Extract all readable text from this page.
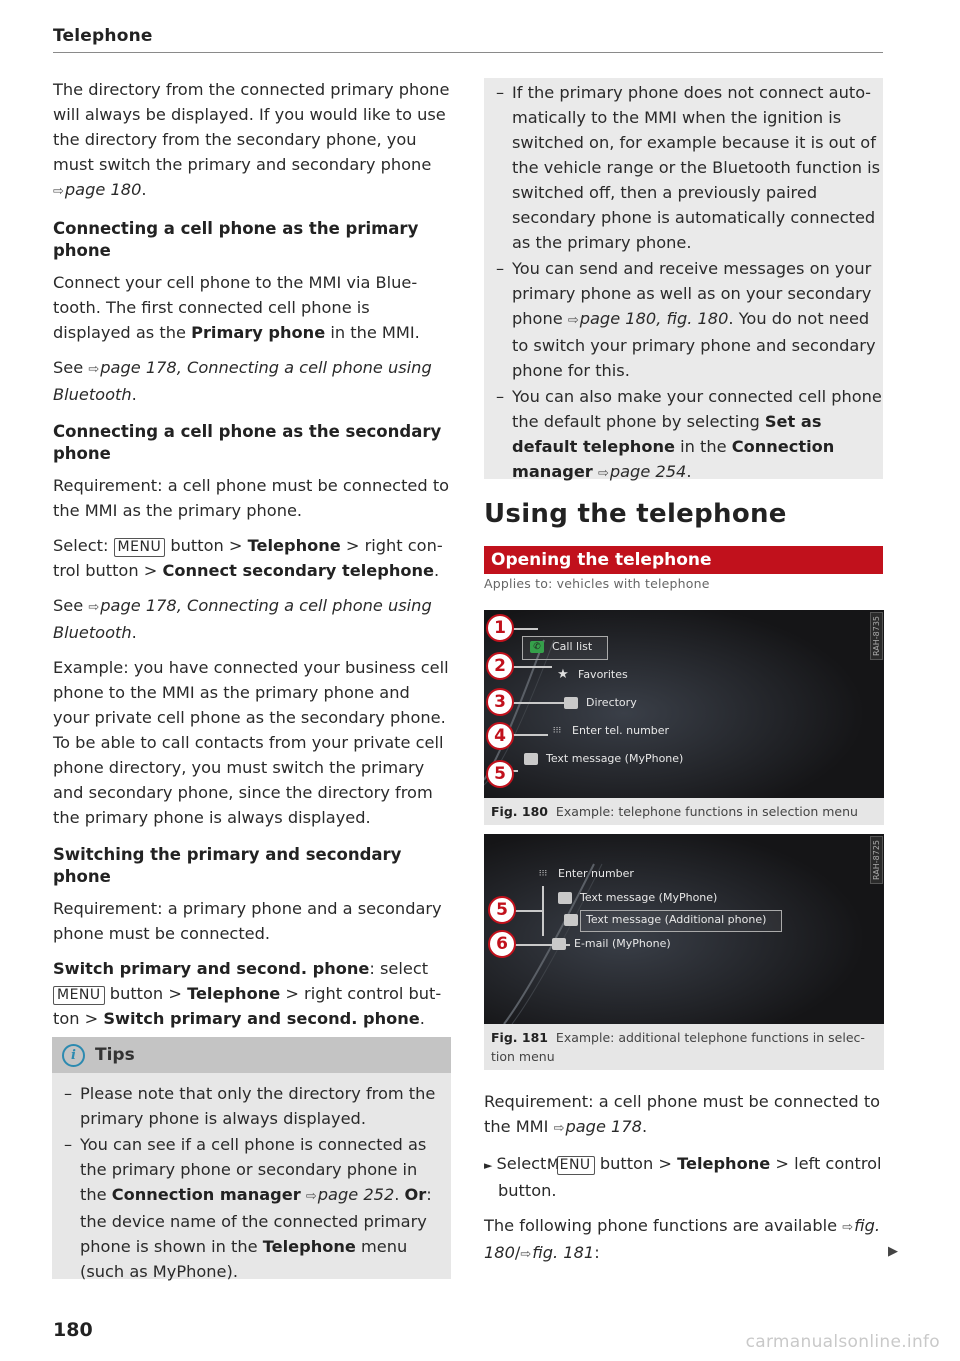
Telephone

The directory from the connected primary phone will always be displayed. If you would like to use the directory from the secondary phone, you must switch the primary and secondary phone ⇨page 180.

Connecting a cell phone as the primary phone

Connect your cell phone to the MMI via Bluetooth. The first connected cell phone is displayed as the Primary phone in the MMI.

See ⇨page 178, Connecting a cell phone using Bluetooth.

Connecting a cell phone as the secondary phone

Requirement: a cell phone must be connected to the MMI as the primary phone.

Select: MENU button > Telephone > right control button > Connect secondary telephone.

See ⇨page 178, Connecting a cell phone using Bluetooth.

Example: you have connected your business cell phone to the MMI as the primary phone and your private cell phone as the secondary phone. To be able to call contacts from your private cell phone directory, you must switch the primary and secondary phone, since the directory from the primary phone is always displayed.

Switching the primary and secondary phone

Requirement: a primary phone and a secondary phone must be connected.

Switch primary and second. phone: select MENU button > Telephone > right control button > Switch primary and second. phone.

i	Tips
– Please note that only the directory from the primary phone is always displayed.
– You can see if a cell phone is connected as the primary phone or secondary phone in the Connection manager ⇨page 252. Or: the device name of the connected primary phone is shown in the Telephone menu (such as MyPhone).
– If the primary phone does not connect automatically to the MMI when the ignition is switched on, for example because it is out of the vehicle range or the Bluetooth function is switched off, then a previously paired secondary phone is automatically connected as the primary phone.
– You can send and receive messages on your primary phone as well as on your secondary phone ⇨page 180, fig. 180. You do not need to switch your primary phone and secondary phone for this.
– You can also make your connected cell phone the default phone by selecting Set as default telephone in the Connection manager ⇨page 254.
Using the telephone
Opening the telephone
Applies to: vehicles with telephone
RAH-8735
✆ Call list
★ Favorites
Directory
⁝⁝⁝ Enter tel. number
Text message (MyPhone)
1
2
3
4
5
Fig. 180 Example: telephone functions in selection menu
RAH-8725
⁝⁝⁝ Enter number
Text message (MyPhone)
Text message (Additional phone)
E-mail (MyPhone)
5
6
Fig. 181 Example: additional telephone functions in selection menu

Requirement: a cell phone must be connected to the MMI ⇨page 178.

► Select: MENU button > Telephone > left control button.

The following phone functions are available ⇨fig. 180/⇨fig. 181:	▶
180
carmanualsonline.info
